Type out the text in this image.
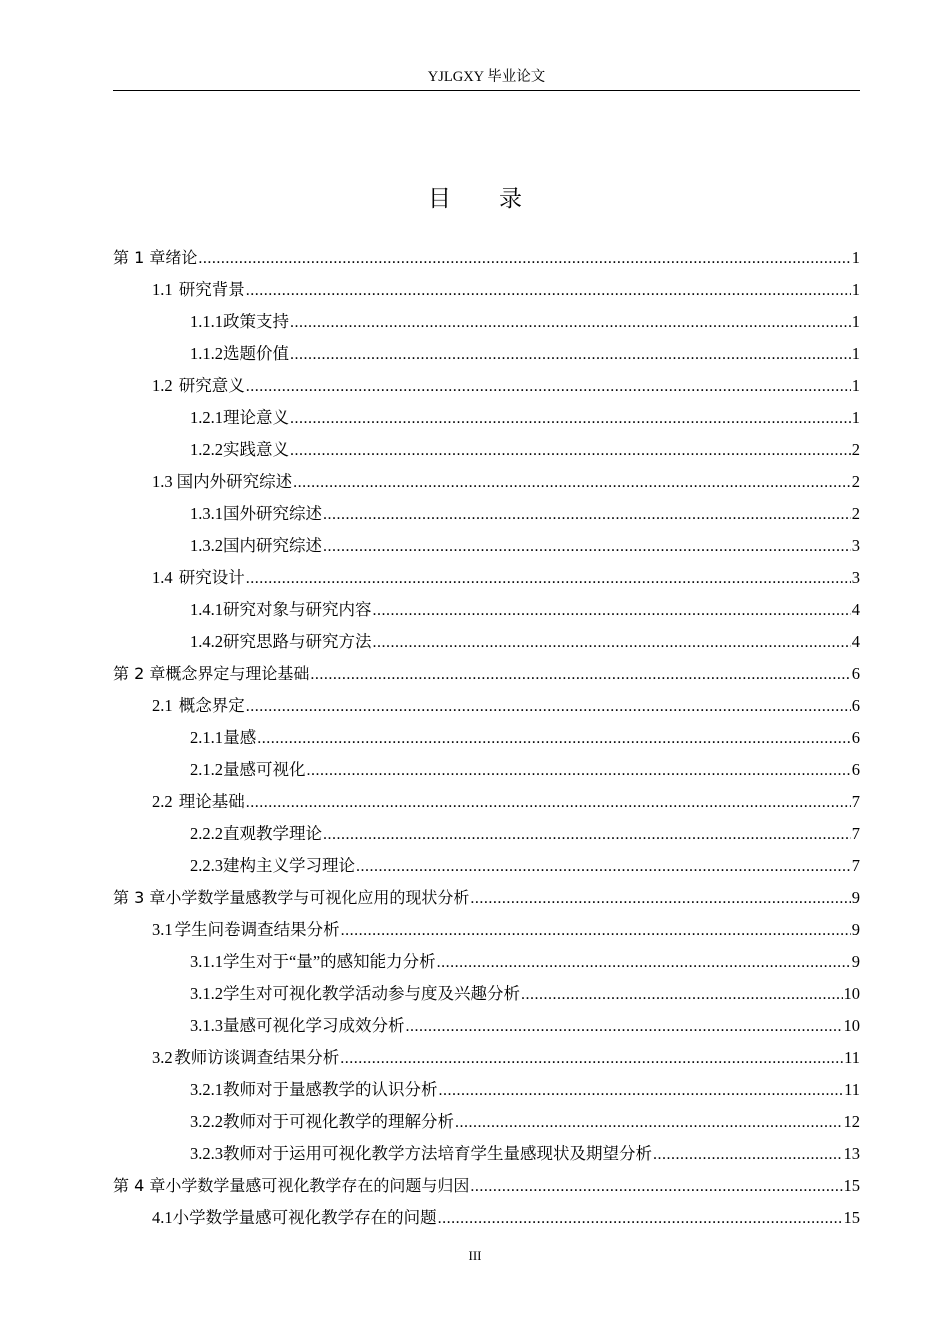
YJLGXY 毕业论文
目录
第 1 章 绪论 .....	1
1.1 研究背景 .....	1
1.1.1 政策支持 .....	1
1.1.2 选题价值 .....	1
1.2 研究意义 .....	1
1.2.1 理论意义 .....	1
1.2.2 实践意义 .....	2
1.3 国内外研究综述 .....	2
1.3.1 国外研究综述 .....	2
1.3.2 国内研究综述 .....	3
1.4 研究设计 .....	3
1.4.1 研究对象与研究内容 .....	4
1.4.2 研究思路与研究方法 .....	4
第 2 章 概念界定与理论基础 .....	6
2.1 概念界定 .....	6
2.1.1 量感 .....	6
2.1.2 量感可视化 .....	6
2.2 理论基础 .....	7
2.2.2 直观教学理论 .....	7
2.2.3 建构主义学习理论 .....	7
第 3 章 小学数学量感教学与可视化应用的现状分析 .....	9
3.1 学生问卷调查结果分析 .....	9
3.1.1 学生对于“量”的感知能力分析 .....	9
3.1.2 学生对可视化教学活动参与度及兴趣分析 .....	10
3.1.3 量感可视化学习成效分析 .....	10
3.2 教师访谈调查结果分析 .....	11
3.2.1 教师对于量感教学的认识分析 .....	11
3.2.2 教师对于可视化教学的理解分析 .....	12
3.2.3 教师对于运用可视化教学方法培育学生量感现状及期望分析 .....	13
第 4 章 小学数学量感可视化教学存在的问题与归因 .....	15
4.1 小学数学量感可视化教学存在的问题 .....	15
III
